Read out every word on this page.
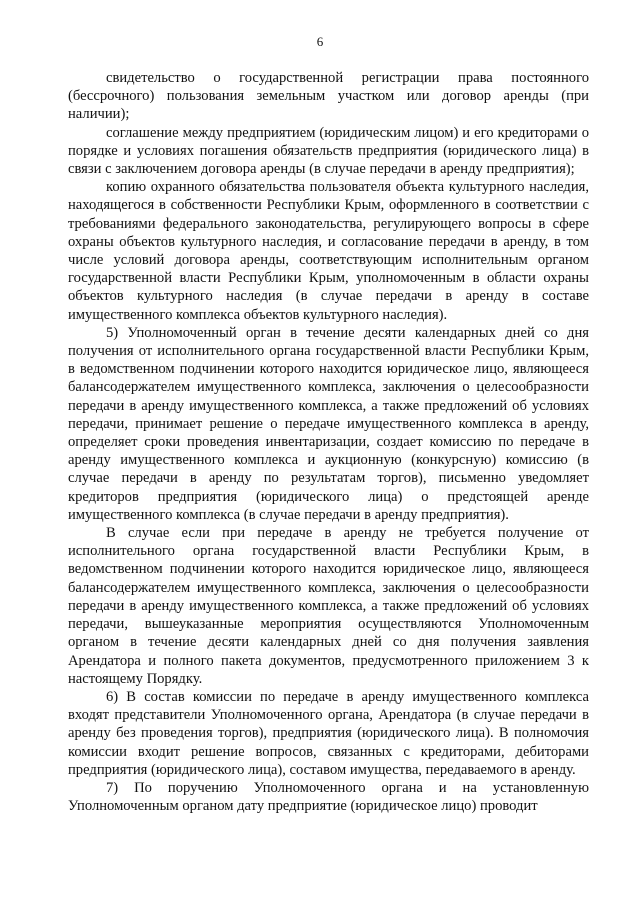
6

свидетельство о государственной регистрации права постоянного (бессрочного) пользования земельным участком или договор аренды (при наличии);

соглашение между предприятием (юридическим лицом) и его кредиторами о порядке и условиях погашения обязательств предприятия (юридического лица) в связи с заключением договора аренды (в случае передачи в аренду предприятия);

копию охранного обязательства пользователя объекта культурного наследия, находящегося в собственности Республики Крым, оформленного в соответствии с требованиями федерального законодательства, регулирующего вопросы в сфере охраны объектов культурного наследия, и согласование передачи в аренду, в том числе условий договора аренды, соответствующим исполнительным органом государственной власти Республики Крым, уполномоченным в области охраны объектов культурного наследия (в случае передачи в аренду в составе имущественного комплекса объектов культурного наследия).

5) Уполномоченный орган в течение десяти календарных дней со дня получения от исполнительного органа государственной власти Республики Крым, в ведомственном подчинении которого находится юридическое лицо, являющееся балансодержателем имущественного комплекса, заключения о целесообразности передачи в аренду имущественного комплекса, а также предложений об условиях передачи, принимает решение о передаче имущественного комплекса в аренду, определяет сроки проведения инвентаризации, создает комиссию по передаче в аренду имущественного комплекса и аукционную (конкурсную) комиссию (в случае передачи в аренду по результатам торгов), письменно уведомляет кредиторов предприятия (юридического лица) о предстоящей аренде имущественного комплекса (в случае передачи в аренду предприятия).

В случае если при передаче в аренду не требуется получение от исполнительного органа государственной власти Республики Крым, в ведомственном подчинении которого находится юридическое лицо, являющееся балансодержателем имущественного комплекса, заключения о целесообразности передачи в аренду имущественного комплекса, а также предложений об условиях передачи, вышеуказанные мероприятия осуществляются Уполномоченным органом в течение десяти календарных дней со дня получения заявления Арендатора и полного пакета документов, предусмотренного приложением 3 к настоящему Порядку.

6) В состав комиссии по передаче в аренду имущественного комплекса входят представители Уполномоченного органа, Арендатора (в случае передачи в аренду без проведения торгов), предприятия (юридического лица). В полномочия комиссии входит решение вопросов, связанных с кредиторами, дебиторами предприятия (юридического лица), составом имущества, передаваемого в аренду.

7) По поручению Уполномоченного органа и на установленную Уполномоченным органом дату предприятие (юридическое лицо) проводит
